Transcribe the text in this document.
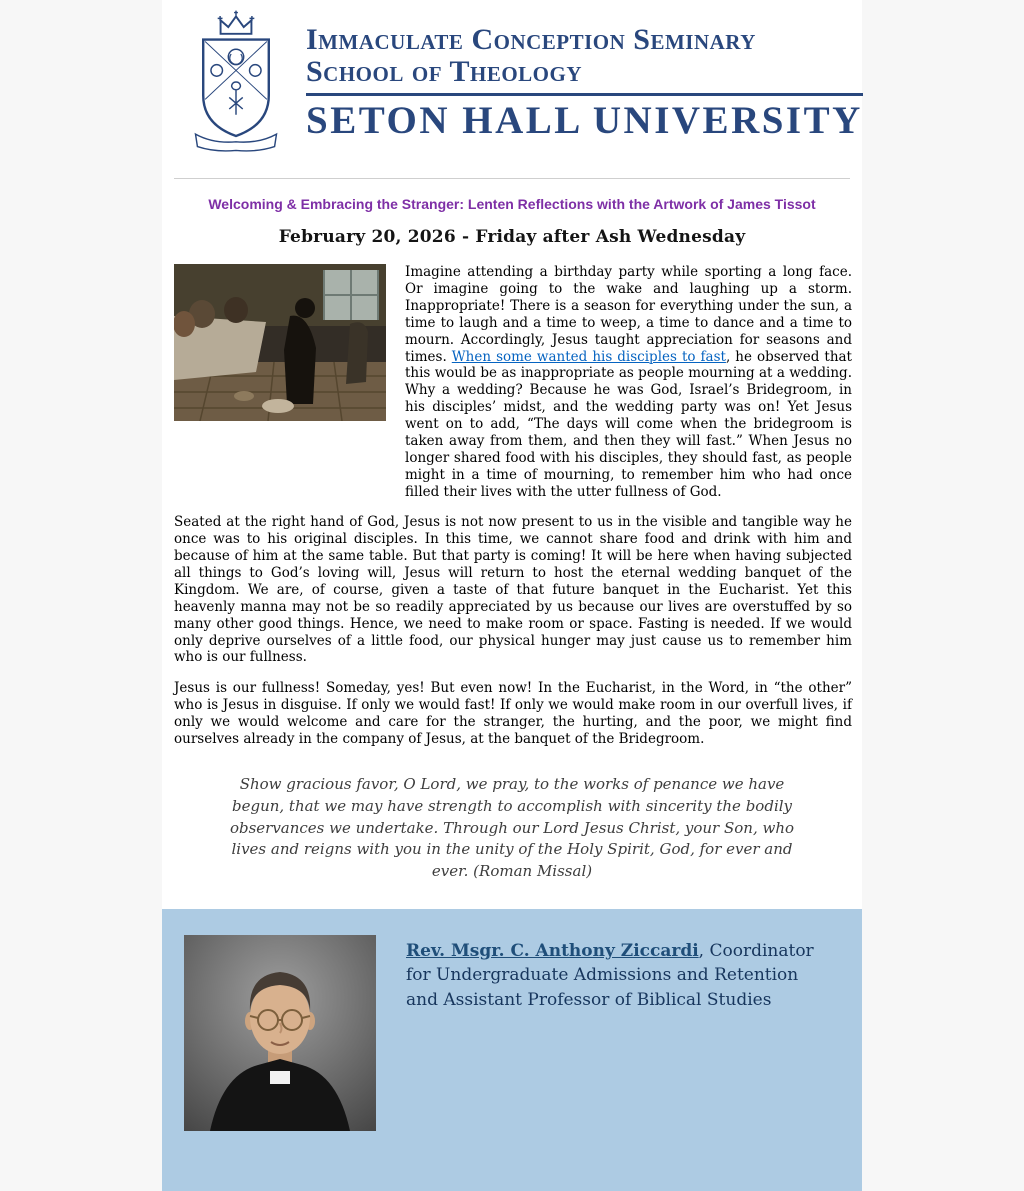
Immaculate Conception Seminary
School of Theology
SETON HALL UNIVERSITY
Welcoming & Embracing the Stranger: Lenten Reflections with the Artwork of James Tissot
February 20, 2026 - Friday after Ash Wednesday

Imagine attending a birthday party while sporting a long face. Or imagine going to the wake and laughing up a storm. Inappropriate! There is a season for everything under the sun, a time to laugh and a time to weep, a time to dance and a time to mourn. Accordingly, Jesus taught appreciation for seasons and times. When some wanted his disciples to fast, he observed that this would be as inappropriate as people mourning at a wedding. Why a wedding? Because he was God, Israel’s Bridegroom, in his disciples’ midst, and the wedding party was on! Yet Jesus went on to add, “The days will come when the bridegroom is taken away from them, and then they will fast.” When Jesus no longer shared food with his disciples, they should fast, as people might in a time of mourning, to remember him who had once filled their lives with the utter fullness of God.

Seated at the right hand of God, Jesus is not now present to us in the visible and tangible way he once was to his original disciples. In this time, we cannot share food and drink with him and because of him at the same table. But that party is coming! It will be here when having subjected all things to God’s loving will, Jesus will return to host the eternal wedding banquet of the Kingdom. We are, of course, given a taste of that future banquet in the Eucharist. Yet this heavenly manna may not be so readily appreciated by us because our lives are overstuffed by so many other good things. Hence, we need to make room or space. Fasting is needed. If we would only deprive ourselves of a little food, our physical hunger may just cause us to remember him who is our fullness.

Jesus is our fullness! Someday, yes! But even now! In the Eucharist, in the Word, in “the other” who is Jesus in disguise. If only we would fast! If only we would make room in our overfull lives, if only we would welcome and care for the stranger, the hurting, and the poor, we might find ourselves already in the company of Jesus, at the banquet of the Bridegroom.

Show gracious favor, O Lord, we pray, to the works of penance we have begun, that we may have strength to accomplish with sincerity the bodily observances we undertake. Through our Lord Jesus Christ, your Son, who lives and reigns with you in the unity of the Holy Spirit, God, for ever and ever. (Roman Missal)

Rev. Msgr. C. Anthony Ziccardi, Coordinator for Undergraduate Admissions and Retention and Assistant Professor of Biblical Studies
